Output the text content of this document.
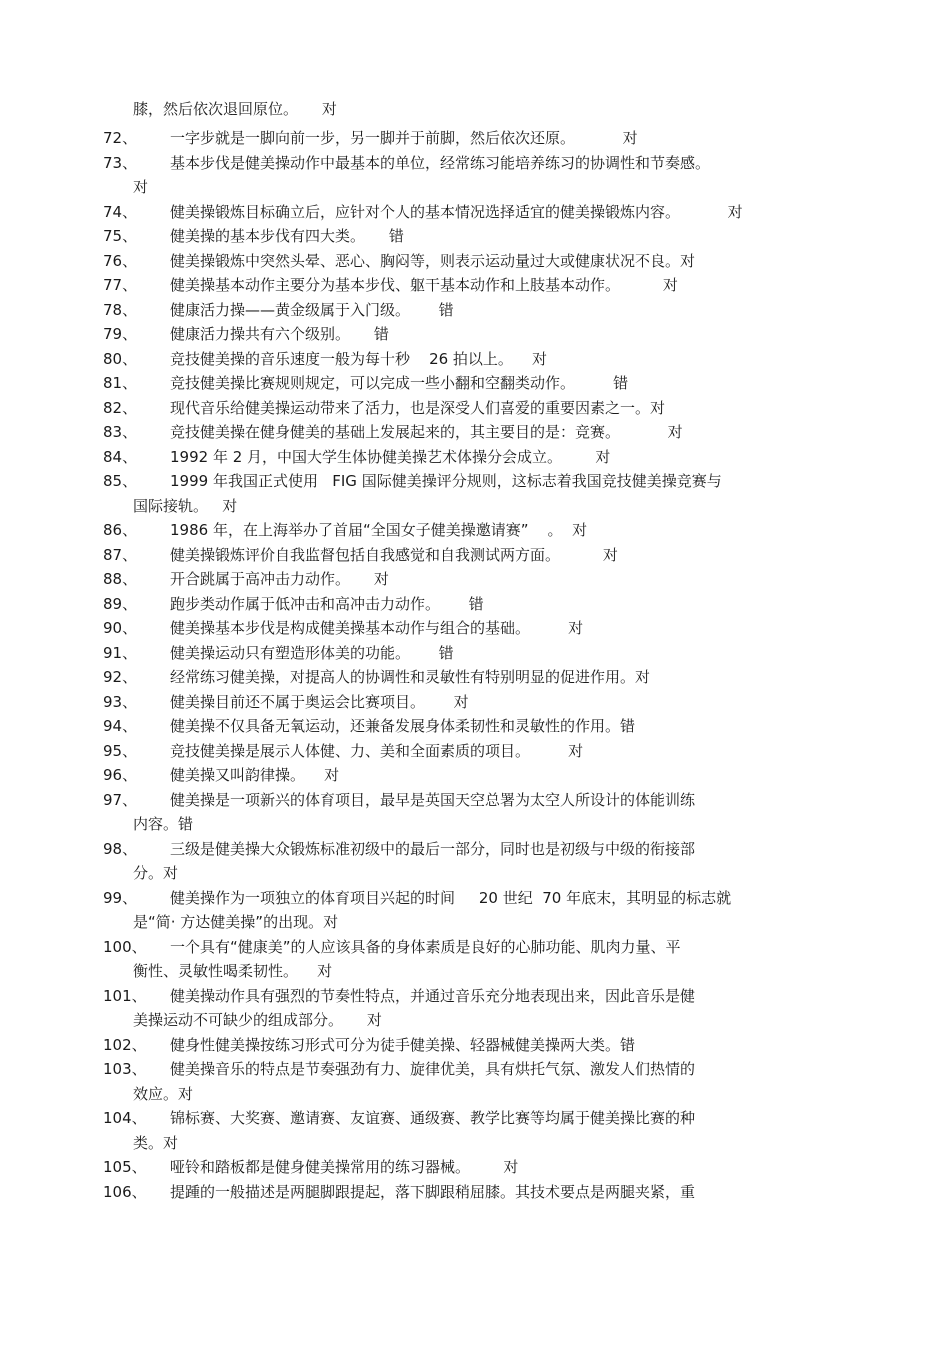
膝，然后依次退回原位。     对
72、	一字步就是一脚向前一步，另一脚并于前脚，然后依次还原。          对
73、	基本步伐是健美操动作中最基本的单位，经常练习能培养练习的协调性和节奏感。
对
74、	健美操锻炼目标确立后，应针对个人的基本情况选择适宜的健美操锻炼内容。          对
75、	健美操的基本步伐有四大类。     错
76、	健美操锻炼中突然头晕、恶心、胸闷等，则表示运动量过大或健康状况不良。对
77、	健美操基本动作主要分为基本步伐、躯干基本动作和上肢基本动作。         对
78、	健康活力操——黄金级属于入门级。      错
79、	健康活力操共有六个级别。     错
80、	竞技健美操的音乐速度一般为每十秒    26 拍以上。    对
81、	竞技健美操比赛规则规定，可以完成一些小翻和空翻类动作。        错
82、	现代音乐给健美操运动带来了活力，也是深受人们喜爱的重要因素之一。对
83、	竞技健美操在健身健美的基础上发展起来的，其主要目的是：竞赛。          对
84、	1992 年 2 月，中国大学生体协健美操艺术体操分会成立。       对
85、	1999 年我国正式使用   FIG 国际健美操评分规则，这标志着我国竞技健美操竞赛与
国际接轨。   对
86、	1986 年，在上海举办了首届“全国女子健美操邀请赛”    。  对
87、	健美操锻炼评价自我监督包括自我感觉和自我测试两方面。         对
88、	开合跳属于高冲击力动作。     对
89、	跑步类动作属于低冲击和高冲击力动作。      错
90、	健美操基本步伐是构成健美操基本动作与组合的基础。        对
91、	健美操运动只有塑造形体美的功能。      错
92、	经常练习健美操，对提高人的协调性和灵敏性有特别明显的促进作用。对
93、	健美操目前还不属于奥运会比赛项目。      对
94、	健美操不仅具备无氧运动，还兼备发展身体柔韧性和灵敏性的作用。错
95、	竞技健美操是展示人体健、力、美和全面素质的项目。        对
96、	健美操又叫韵律操。    对
97、	健美操是一项新兴的体育项目，最早是英国天空总署为太空人所设计的体能训练
内容。错
98、	三级是健美操大众锻炼标准初级中的最后一部分，同时也是初级与中级的衔接部
分。对
99、	健美操作为一项独立的体育项目兴起的时间     20 世纪  70 年底末，其明显的标志就
是“简· 方达健美操”的出现。对
100、	一个具有“健康美”的人应该具备的身体素质是良好的心肺功能、肌肉力量、平
衡性、灵敏性喝柔韧性。    对
101、	健美操动作具有强烈的节奏性特点，并通过音乐充分地表现出来，因此音乐是健
美操运动不可缺少的组成部分。     对
102、	健身性健美操按练习形式可分为徒手健美操、轻器械健美操两大类。错
103、	健美操音乐的特点是节奏强劲有力、旋律优美，具有烘托气氛、激发人们热情的
效应。对
104、	锦标赛、大奖赛、邀请赛、友谊赛、通级赛、教学比赛等均属于健美操比赛的种
类。对
105、	哑铃和踏板都是健身健美操常用的练习器械。       对
106、	提踵的一般描述是两腿脚跟提起，落下脚跟稍屈膝。其技术要点是两腿夹紧，重
